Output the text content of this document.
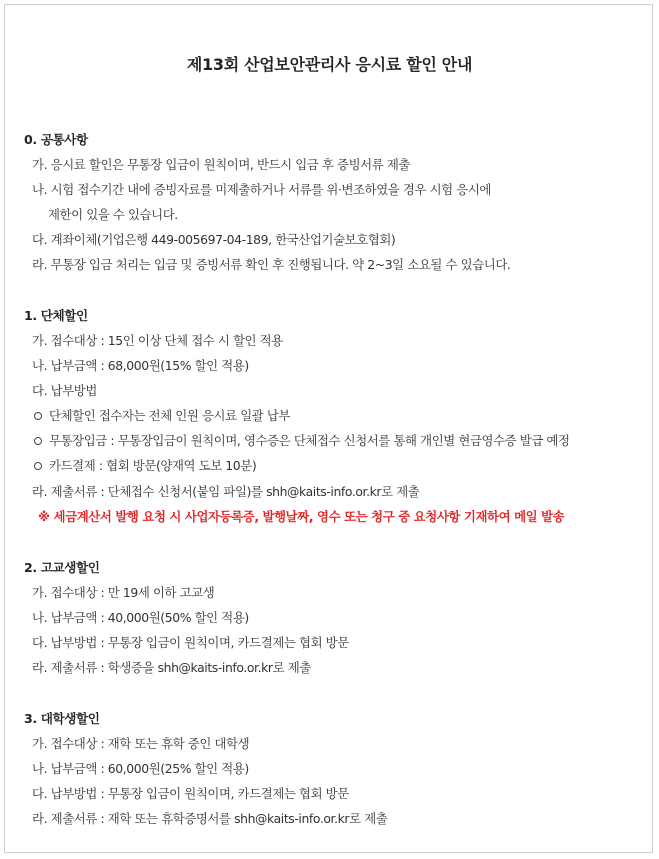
제13회 산업보안관리사 응시료 할인 안내
0. 공통사항
가. 응시료 할인은 무통장 입금이 원칙이며, 반드시 입금 후 증빙서류 제출
나. 시험 접수기간 내에 증빙자료를 미제출하거나 서류를 위·변조하였을 경우 시험 응시에
제한이 있을 수 있습니다.
다. 계좌이체(기업은행 449-005697-04-189, 한국산업기술보호협회)
라. 무통장 입금 처리는 입금 및 증빙서류 확인 후 진행됩니다. 약 2~3일 소요될 수 있습니다.
1. 단체할인
가. 접수대상 : 15인 이상 단체 접수 시 할인 적용
나. 납부금액 : 68,000원(15% 할인 적용)
다. 납부방법
단체할인 접수자는 전체 인원 응시료 일괄 납부
무통장입금 : 무통장입금이 원칙이며, 영수증은 단체접수 신청서를 통해 개인별 현금영수증 발급 예정
카드결제 : 협회 방문(양재역 도보 10분)
라. 제출서류 : 단체접수 신청서(붙임 파일)를 shh@kaits-info.or.kr로 제출
※ 세금계산서 발행 요청 시 사업자등록증, 발행날짜, 영수 또는 청구 중 요청사항 기재하여 메일 발송
2. 고교생할인
가. 접수대상 : 만 19세 이하 고교생
나. 납부금액 : 40,000원(50% 할인 적용)
다. 납부방법 : 무통장 입금이 원칙이며, 카드결제는 협회 방문
라. 제출서류 : 학생증을 shh@kaits-info.or.kr로 제출
3. 대학생할인
가. 접수대상 : 재학 또는 휴학 중인 대학생
나. 납부금액 : 60,000원(25% 할인 적용)
다. 납부방법 : 무통장 입금이 원칙이며, 카드결제는 협회 방문
라. 제출서류 : 재학 또는 휴학증명서를 shh@kaits-info.or.kr로 제출
